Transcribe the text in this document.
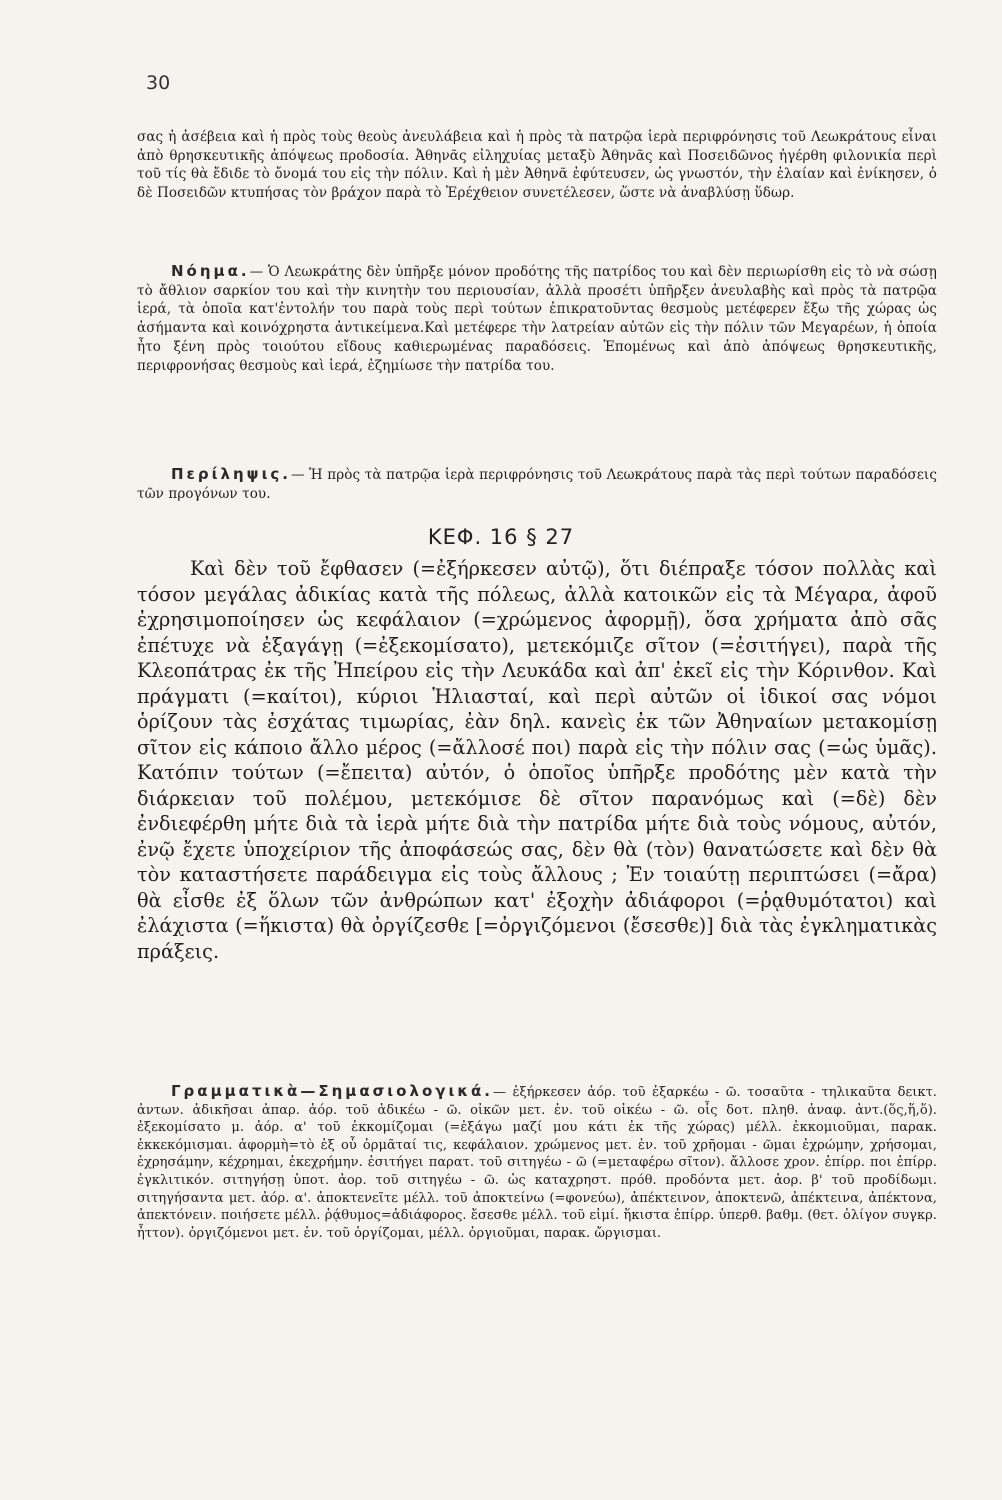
30

σας ἡ ἀσέβεια καὶ ἡ πρὸς τοὺς θεοὺς ἀνευλάβεια καὶ ἡ πρὸς τὰ πατρῷα ἱερὰ περιφρόνησις τοῦ Λεωκράτους εἶναι ἀπὸ θρησκευτικῆς ἀπόψεως προδοσία. Ἀθηνᾶς εἰληχυίας μεταξὺ Ἀθηνᾶς καὶ Ποσειδῶνος ἠγέρθη φιλονικία περὶ τοῦ τίς θὰ ἔδιδε τὸ ὄνομά του εἰς τὴν πόλιν. Καὶ ἡ μὲν Ἀθηνᾶ ἐφύτευσεν, ὡς γνωστόν, τὴν ἐλαίαν καὶ ἐνίκησεν, ὁ δὲ Ποσειδῶν κτυπήσας τὸν βράχον παρὰ τὸ Ἐρέχθειον συνετέλεσεν, ὥστε νὰ ἀναβλύσῃ ὕδωρ.

Νόημα.— Ὁ Λεωκράτης δὲν ὑπῆρξε μόνον προδότης τῆς πατρίδος του καὶ δὲν περιωρίσθη εἰς τὸ νὰ σώσῃ τὸ ἄθλιον σαρκίον του καὶ τὴν κινητὴν του περιουσίαν, ἀλλὰ προσέτι ὑπῆρξεν ἀνευλαβὴς καὶ πρὸς τὰ πατρῷα ἱερά, τὰ ὁποῖα κατ'ἐντολήν του παρὰ τοὺς περὶ τούτων ἐπικρατοῦντας θεσμοὺς μετέφερεν ἔξω τῆς χώρας ὡς ἀσήμαντα καὶ κοινόχρηστα ἀντικείμενα.Καὶ μετέφερε τὴν λατρείαν αὐτῶν εἰς τὴν πόλιν τῶν Μεγαρέων, ἡ ὁποία ἦτο ξένη πρὸς τοιούτου εἴδους καθιερωμένας παραδόσεις. Ἑπομένως καὶ ἀπὸ ἀπόψεως θρησκευτικῆς, περιφρονήσας θεσμοὺς καὶ ἱερά, ἐζημίωσε τὴν πατρίδα του.

Περίληψις.— Ἡ πρὸς τὰ πατρῷα ἱερὰ περιφρόνησις τοῦ Λεωκράτους παρὰ τὰς περὶ τούτων παραδόσεις τῶν προγόνων του.

ΚΕΦ. 16 § 27

Καὶ δὲν τοῦ ἔφθασεν (=ἐξήρκεσεν αὐτῷ), ὅτι διέπραξε τόσον πολλὰς καὶ τόσον μεγάλας ἀδικίας κατὰ τῆς πόλεως, ἀλλὰ κατοικῶν εἰς τὰ Μέγαρα, ἀφοῦ ἐχρησιμοποίησεν ὡς κεφάλαιον (=χρώμενος ἀφορμῇ), ὅσα χρήματα ἀπὸ σᾶς ἐπέτυχε νὰ ἐξαγάγῃ (=ἐξεκομίσατο), μετεκόμιζε σῖτον (=ἐσιτήγει), παρὰ τῆς Κλεοπάτρας ἐκ τῆς Ἠπείρου εἰς τὴν Λευκάδα καὶ ἀπ' ἐκεῖ εἰς τὴν Κόρινθον. Καὶ πράγματι (=καίτοι), κύριοι Ἡλιασταί, καὶ περὶ αὐτῶν οἱ ἰδικοί σας νόμοι ὁρίζουν τὰς ἐσχάτας τιμωρίας, ἐὰν δηλ. κανεὶς ἐκ τῶν Ἀθηναίων μετακομίσῃ σῖτον εἰς κάποιο ἄλλο μέρος (=ἄλλοσέ ποι) παρὰ εἰς τὴν πόλιν σας (=ὡς ὑμᾶς). Κατόπιν τούτων (=ἔπειτα) αὐτόν, ὁ ὁποῖος ὑπῆρξε προδότης μὲν κατὰ τὴν διάρκειαν τοῦ πολέμου, μετεκόμισε δὲ σῖτον παρανόμως καὶ (=δὲ) δὲν ἐνδιεφέρθη μήτε διὰ τὰ ἱερὰ μήτε διὰ τὴν πατρίδα μήτε διὰ τοὺς νόμους, αὐτόν, ἐνῷ ἔχετε ὑποχείριον τῆς ἀποφάσεώς σας, δὲν θὰ (τὸν) θανατώσετε καὶ δὲν θὰ τὸν καταστήσετε παράδειγμα εἰς τοὺς ἄλλους ; Ἐν τοιαύτῃ περιπτώσει (=ἄρα) θὰ εἶσθε ἐξ ὅλων τῶν ἀνθρώπων κατ' ἐξοχὴν ἀδιάφοροι (=ῥᾳθυμότατοι) καὶ ἐλάχιστα (=ἥκιστα) θὰ ὀργίζεσθε [=ὀργιζόμενοι (ἔσεσθε)] διὰ τὰς ἐγκληματικὰς πράξεις.

Γραμματικὰ—Σημασιολογικά.— ἐξήρκεσεν ἀόρ. τοῦ ἐξαρκέω - ῶ. τοσαῦτα - τηλικαῦτα δεικτ. ἀντων. ἀδικῆσαι ἀπαρ. ἀόρ. τοῦ ἀδικέω - ῶ. οἰκῶν μετ. ἐν. τοῦ οἰκέω - ῶ. οἷς δοτ. πληθ. ἀναφ. ἀντ.(ὅς,ἥ,ὅ). ἐξεκομίσατο μ. ἀόρ. α' τοῦ ἐκκομίζομαι (=ἐξάγω μαζί μου κάτι ἐκ τῆς χώρας) μέλλ. ἐκκομιοῦμαι, παρακ. ἐκκεκόμισμαι. ἀφορμὴ=τὸ ἐξ οὗ ὁρμᾶταί τις, κεφάλαιον. χρώμενος μετ. ἐν. τοῦ χρῆομαι - ῶμαι ἐχρώμην, χρήσομαι, ἐχρησάμην, κέχρημαι, ἐκεχρήμην. ἐσιτήγει παρατ. τοῦ σιτηγέω - ῶ (=μεταφέρω σῖτον). ἄλλοσε χρον. ἐπίρρ. ποι ἐπίρρ. ἐγκλιτικόν. σιτηγήσῃ ὑποτ. ἀορ. τοῦ σιτηγέω - ῶ. ὡς καταχρηστ. πρόθ. προδόντα μετ. ἀορ. β' τοῦ προδίδωμι. σιτηγήσαντα μετ. ἀόρ. α'. ἀποκτενεῖτε μέλλ. τοῦ ἀποκτείνω (=φονεύω), ἀπέκτεινον, ἀποκτενῶ, ἀπέκτεινα, ἀπέκτονα, ἀπεκτόνειν. ποιήσετε μέλλ. ῥᾴθυμος=ἀδιάφορος. ἔσεσθε μέλλ. τοῦ εἰμί. ἥκιστα ἐπίρρ. ὑπερθ. βαθμ. (θετ. ὀλίγον συγκρ. ἧττον). ὀργιζόμενοι μετ. ἐν. τοῦ ὀργίζομαι, μέλλ. ὀργιοῦμαι, παρακ. ὤργισμαι.
